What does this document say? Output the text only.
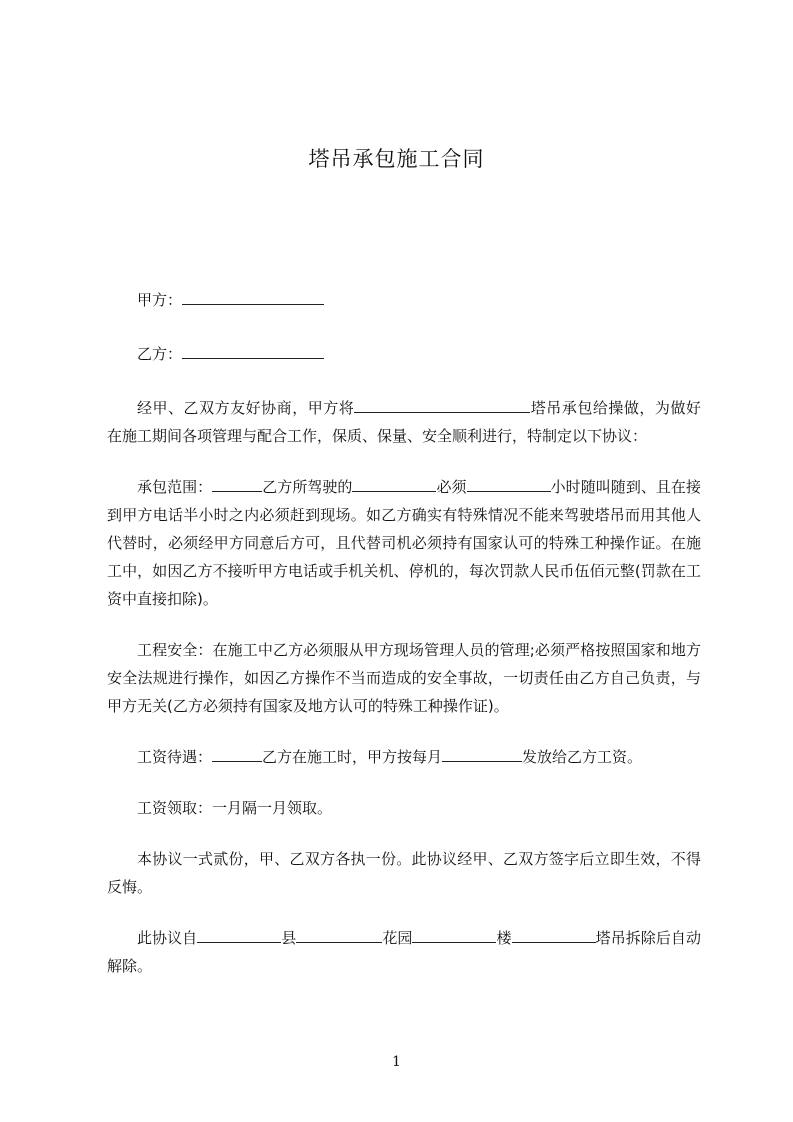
塔吊承包施工合同

甲方：

乙方：

经甲、乙双方友好协商，甲方将	塔吊承包给操做，为做好在施工期间各项管理与配合工作，保质、保量、安全顺利进行，特制定以下协议：

承包范围：	乙方所驾驶的	必须	小时随叫随到、且在接到甲方电话半小时之内必须赶到现场。如乙方确实有特殊情况不能来驾驶塔吊而用其他人代替时，必须经甲方同意后方可，且代替司机必须持有国家认可的特殊工种操作证。在施工中，如因乙方不接听甲方电话或手机关机、停机的，每次罚款人民币伍佰元整(罚款在工资中直接扣除)。

工程安全：在施工中乙方必须服从甲方现场管理人员的管理;必须严格按照国家和地方安全法规进行操作，如因乙方操作不当而造成的安全事故，一切责任由乙方自己负责，与甲方无关(乙方必须持有国家及地方认可的特殊工种操作证)。

工资待遇：	乙方在施工时，甲方按每月	发放给乙方工资。

工资领取：一月隔一月领取。

本协议一式贰份，甲、乙双方各执一份。此协议经甲、乙双方签字后立即生效，不得反悔。

此协议自	县	花园	楼	塔吊拆除后自动解除。

1
